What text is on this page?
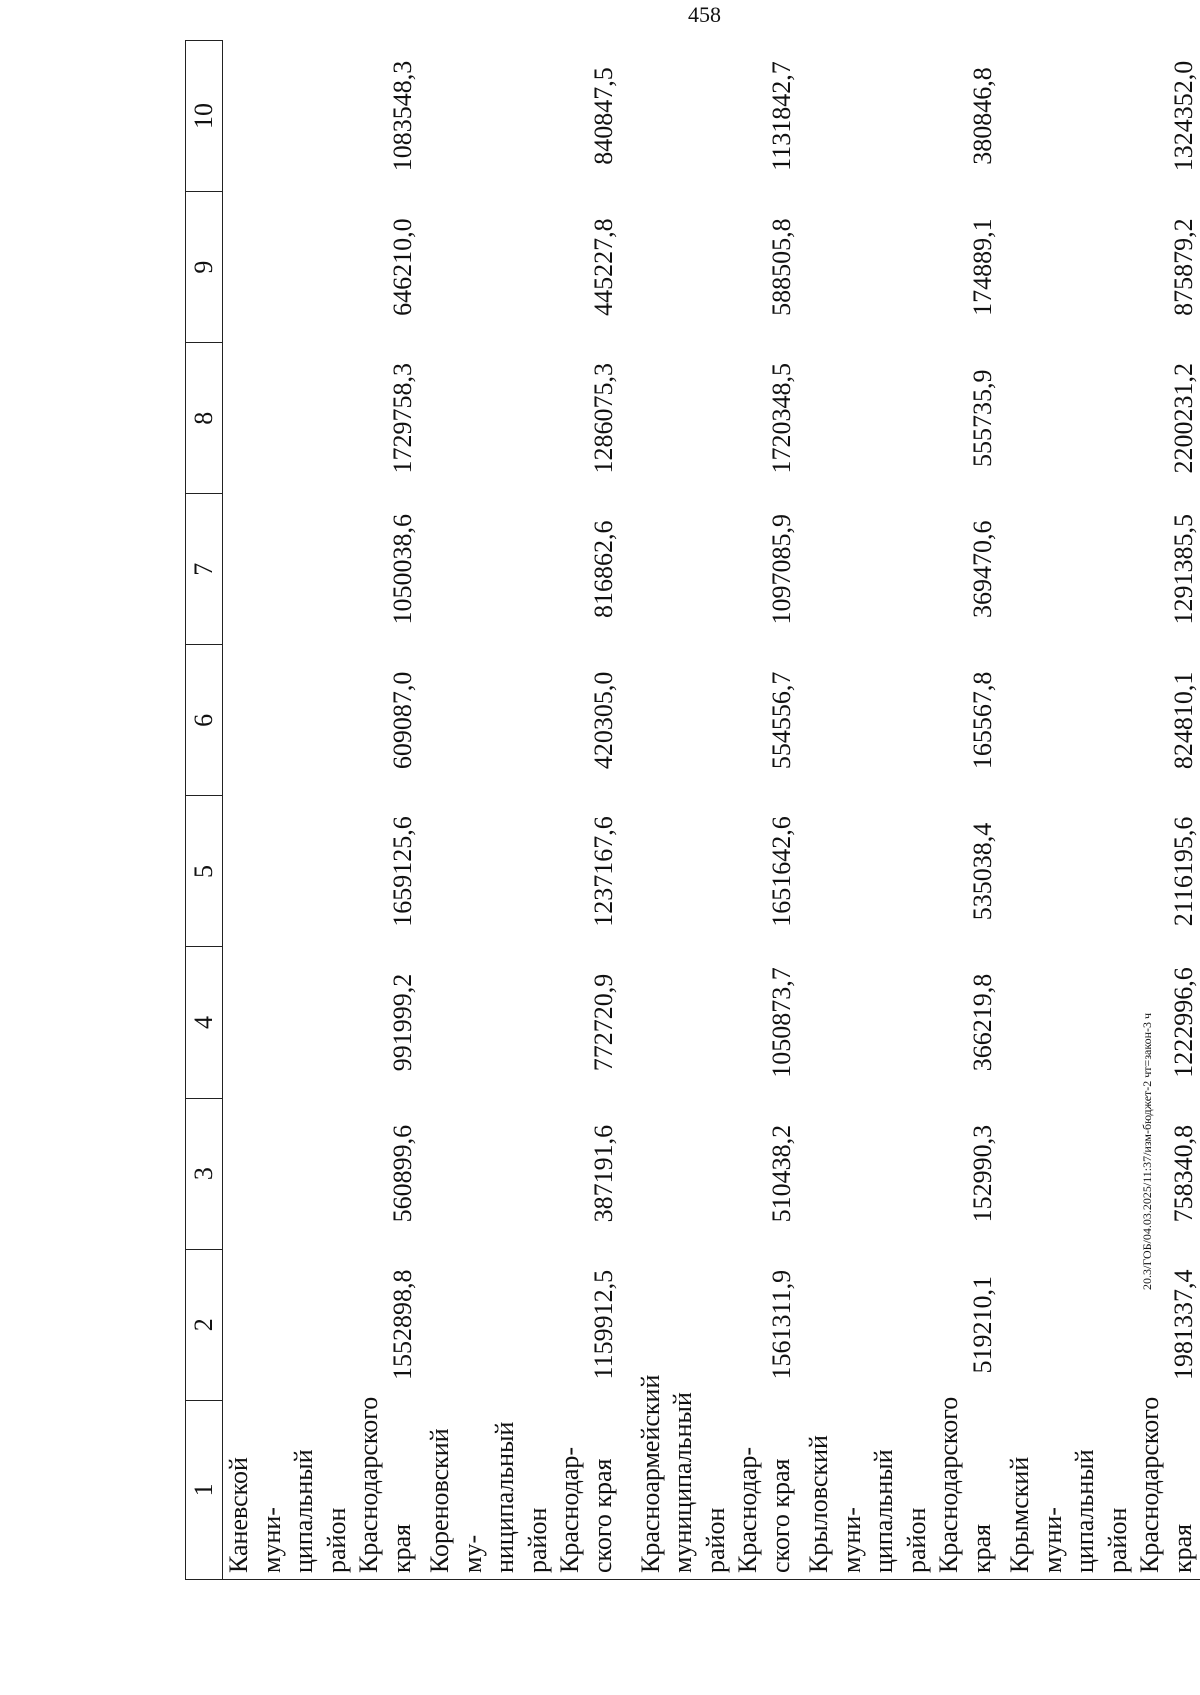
458
20.3/ГОБ/04.03.2025/11:37/изм-бюджет-2 чт=закон-3 ч
1	2	3	4	5	6	7	8	9	10
Каневской муни-ципальный район Краснодарского края	1552898,8	560899,6	991999,2	1659125,6	609087,0	1050038,6	1729758,3	646210,0	1083548,3
Кореновский му-ниципальный район Краснодар-ского края	1159912,5	387191,6	772720,9	1237167,6	420305,0	816862,6	1286075,3	445227,8	840847,5
Красноармейский муниципальный район Краснодар-ского края	1561311,9	510438,2	1050873,7	1651642,6	554556,7	1097085,9	1720348,5	588505,8	1131842,7
Крыловский муни-ципальный район Краснодарского края	519210,1	152990,3	366219,8	535038,4	165567,8	369470,6	555735,9	174889,1	380846,8
Крымский муни-ципальный район Краснодарского края	1981337,4	758340,8	1222996,6	2116195,6	824810,1	1291385,5	2200231,2	875879,2	1324352,0
